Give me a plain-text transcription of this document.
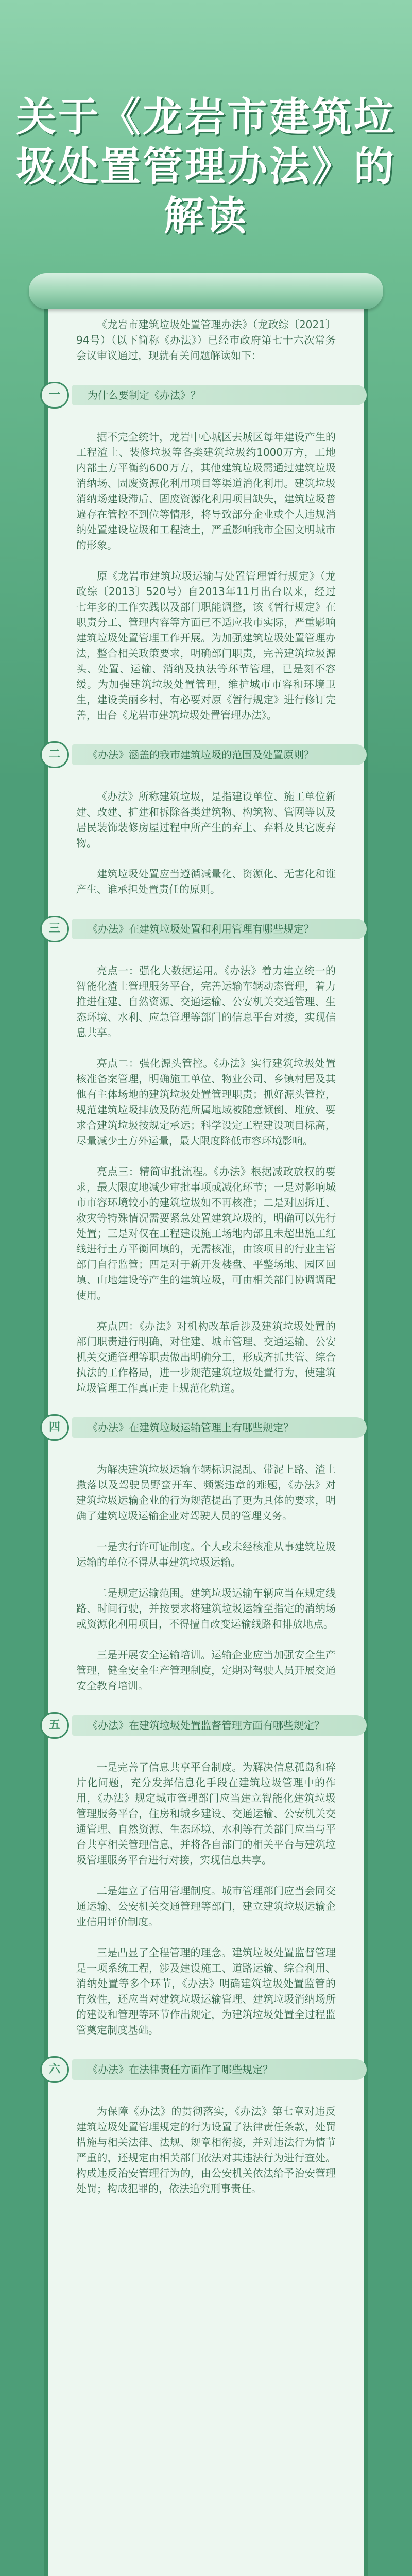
关于《龙岩市建筑垃
圾处置管理办法》的
解读

《龙岩市建筑垃圾处置管理办法》（龙政综〔2021〕94号）（以下简称《办法》）已经市政府第七十六次常务会议审议通过，现就有关问题解读如下：

一	为什么要制定《办法》？

据不完全统计，龙岩中心城区去城区每年建设产生的工程渣土、装修垃圾等各类建筑垃圾约1000万方，工地内部土方平衡约600万方，其他建筑垃圾需通过建筑垃圾消纳场、固废资源化利用项目等渠道消化利用。建筑垃圾消纳场建设滞后、固废资源化利用项目缺失，建筑垃圾普遍存在管控不到位等情形，将导致部分企业或个人违规消纳处置建设垃圾和工程渣土，严重影响我市全国文明城市的形象。

原《龙岩市建筑垃圾运输与处置管理暂行规定》（龙政综〔2013〕520号）自2013年11月出台以来，经过七年多的工作实践以及部门职能调整，该《暂行规定》在职责分工、管理内容等方面已不适应我市实际，严重影响建筑垃圾处置管理工作开展。为加强建筑垃圾处置管理办法，整合相关政策要求，明确部门职责，完善建筑垃圾源头、处置、运输、消纳及执法等环节管理，已是刻不容缓。为加强建筑垃圾处置管理，维护城市市容和环境卫生，建设美丽乡村，有必要对原《暂行规定》进行修订完善，出台《龙岩市建筑垃圾处置管理办法》。

二	《办法》涵盖的我市建筑垃圾的范围及处置原则？

《办法》所称建筑垃圾，是指建设单位、施工单位新建、改建、扩建和拆除各类建筑物、构筑物、管网等以及居民装饰装修房屋过程中所产生的弃土、弃料及其它废弃物。

建筑垃圾处置应当遵循减量化、资源化、无害化和谁产生、谁承担处置责任的原则。

三	《办法》在建筑垃圾处置和利用管理有哪些规定？

亮点一：强化大数据运用。《办法》着力建立统一的智能化渣土管理服务平台，完善运输车辆动态管理，着力推进住建、自然资源、交通运输、公安机关交通管理、生态环境、水利、应急管理等部门的信息平台对接，实现信息共享。

亮点二：强化源头管控。《办法》实行建筑垃圾处置核准备案管理，明确施工单位、物业公司、乡镇村居及其他有主体场地的建筑垃圾处置管理职责；抓好源头管控，规范建筑垃圾排放及防范所属地域被随意倾倒、堆放、要求合建筑垃圾按规定承运；科学设定工程建设项目标高，尽量减少土方外运量，最大限度降低市容环境影响。

亮点三：精简审批流程。《办法》根据减政放权的要求，最大限度地减少审批事项或减化环节；一是对影响城市市容环境较小的建筑垃圾如不再核准；二是对因拆迁、救灾等特殊情况需要紧急处置建筑垃圾的，明确可以先行处置；三是对仅在工程建设施工场地内部且未超出施工红线进行土方平衡回填的，无需核准，由该项目的行业主管部门自行监管；四是对于新开发楼盘、平整场地、园区回填、山地建设等产生的建筑垃圾，可由相关部门协调调配使用。

亮点四：《办法》对机构改革后涉及建筑垃圾处置的部门职责进行明确，对住建、城市管理、交通运输、公安机关交通管理等职责做出明确分工，形成齐抓共管、综合执法的工作格局，进一步规范建筑垃圾处置行为，使建筑垃圾管理工作真正走上规范化轨道。

四	《办法》在建筑垃圾运输管理上有哪些规定？

为解决建筑垃圾运输车辆标识混乱、带泥上路、渣土撒落以及驾驶员野蛮开车、频繁违章的难题，《办法》对建筑垃圾运输企业的行为规范提出了更为具体的要求，明确了建筑垃圾运输企业对驾驶人员的管理义务。

一是实行许可证制度。个人或未经核准从事建筑垃圾运输的单位不得从事建筑垃圾运输。

二是规定运输范围。建筑垃圾运输车辆应当在规定线路、时间行驶，并按要求将建筑垃圾运输至指定的消纳场或资源化利用项目，不得擅自改变运输线路和排放地点。

三是开展安全运输培训。运输企业应当加强安全生产管理，健全安全生产管理制度，定期对驾驶人员开展交通安全教育培训。

五	《办法》在建筑垃圾处置监督管理方面有哪些规定？

一是完善了信息共享平台制度。为解决信息孤岛和碎片化问题，充分发挥信息化手段在建筑垃圾管理中的作用，《办法》规定城市管理部门应当建立智能化建筑垃圾管理服务平台，住房和城乡建设、交通运输、公安机关交通管理、自然资源、生态环境、水利等有关部门应当与平台共享相关管理信息，并将各自部门的相关平台与建筑垃圾管理服务平台进行对接，实现信息共享。

二是建立了信用管理制度。城市管理部门应当会同交通运输、公安机关交通管理等部门，建立建筑垃圾运输企业信用评价制度。

三是凸显了全程管理的理念。建筑垃圾处置监督管理是一项系统工程，涉及建设施工、道路运输、综合利用、消纳处置等多个环节，《办法》明确建筑垃圾处置监管的有效性，还应当对建筑垃圾运输管理、建筑垃圾消纳场所的建设和管理等环节作出规定，为建筑垃圾处置全过程监管奠定制度基础。

六	《办法》在法律责任方面作了哪些规定？

为保障《办法》的贯彻落实，《办法》第七章对违反建筑垃圾处置管理规定的行为设置了法律责任条款，处罚措施与相关法律、法规、规章相衔接，并对违法行为情节严重的，还规定由相关部门依法对其违法行为进行查处。构成违反治安管理行为的，由公安机关依法给予治安管理处罚；构成犯罪的，依法追究刑事责任。
